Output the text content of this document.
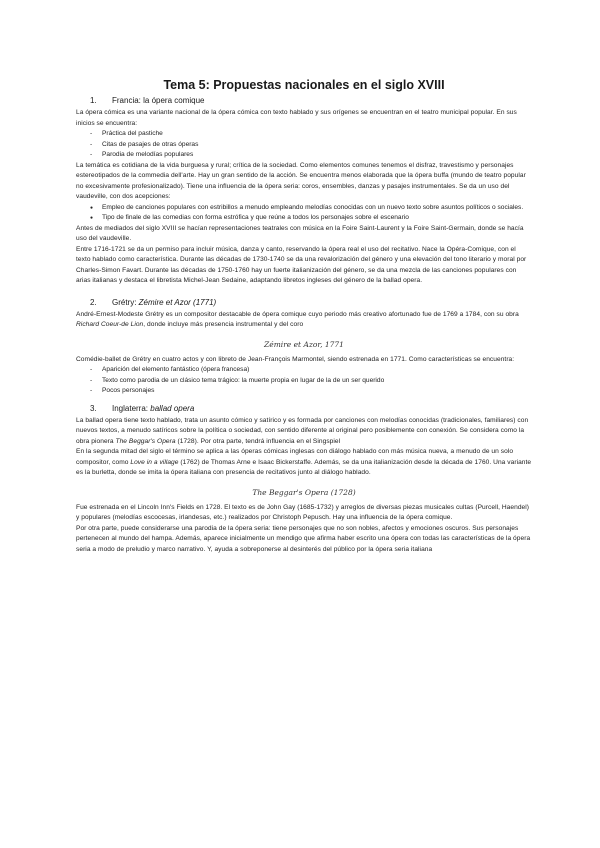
Tema 5: Propuestas nacionales en el siglo XVIII
1. Francia: la ópera comique

La ópera cómica es una variante nacional de la ópera cómica con texto hablado y sus orígenes se encuentran en el teatro municipal popular. En sus inicios se encuentra:

- Práctica del pastiche
- Citas de pasajes de otras óperas
- Parodia de melodías populares

La temática es cotidiana de la vida burguesa y rural; crítica de la sociedad. Como elementos comunes tenemos el disfraz, travestismo y personajes estereotipados de la commedia dell'arte. Hay un gran sentido de la acción. Se encuentra menos elaborada que la ópera buffa (mundo de teatro popular no excesivamente profesionalizado). Tiene una influencia de la ópera seria: coros, ensembles, danzas y pasajes instrumentales. Se da un uso del vaudeville, con dos acepciones:

● Empleo de canciones populares con estribillos a menudo empleando melodías conocidas con un nuevo texto sobre asuntos políticos o sociales.
● Tipo de finale de las comedias con forma estrófica y que reúne a todos los personajes sobre el escenario

Antes de mediados del siglo XVIII se hacían representaciones teatrales con música en la Foire Saint-Laurent y la Foire Saint-Germain, donde se hacía uso del vaudeville.

Entre 1716-1721 se da un permiso para incluir música, danza y canto, reservando la ópera real el uso del recitativo. Nace la Opéra-Comique, con el texto hablado como característica. Durante las décadas de 1730-1740 se da una revalorización del género y una elevación del tono literario y moral por Charles-Simon Favart. Durante las décadas de 1750-1760 hay un fuerte italianización del género, se da una mezcla de las canciones populares con arias italianas y destaca el libretista Michel-Jean Sedaine, adaptando libretos ingleses del género de la ballad opera.

2. Grétry: Zémire et Azor (1771)

André-Ernest-Modeste Grétry es un compositor destacable de ópera comique cuyo periodo más creativo afortunado fue de 1769 a 1784, con su obra Richard Coeur-de Lion, donde incluye más presencia instrumental y del coro

Zémire et Azor, 1771

Comédie-ballet de Grétry en cuatro actos y con libreto de Jean-François Marmontel, siendo estrenada en 1771. Como características se encuentra:

- Aparición del elemento fantástico (ópera francesa)
- Texto como parodia de un clásico tema trágico: la muerte propia en lugar de la de un ser querido
- Pocos personajes
3. Inglaterra: ballad opera

La ballad opera tiene texto hablado, trata un asunto cómico y satírico y es formada por canciones con melodías conocidas (tradicionales, familiares) con nuevos textos, a menudo satíricos sobre la política o sociedad, con sentido diferente al original pero posiblemente con conexión. Se considera como la obra pionera The Beggar's Opera (1728). Por otra parte, tendrá influencia en el Singspiel

En la segunda mitad del siglo el término se aplica a las óperas cómicas inglesas con diálogo hablado con más música nueva, a menudo de un solo compositor, como Love in a village (1762) de Thomas Arne e Isaac Bickerstaffe. Además, se da una italianización desde la década de 1760. Una variante es la burletta, donde se imita la ópera italiana con presencia de recitativos junto al diálogo hablado.

The Beggar's Opera (1728)

Fue estrenada en el Lincoln Inn's Fields en 1728. El texto es de John Gay (1685-1732) y arreglos de diversas piezas musicales cultas (Purcell, Haendel) y populares (melodías escocesas, irlandesas, etc.) realizados por Christoph Pepusch. Hay una influencia de la ópera comique.

Por otra parte, puede considerarse una parodia de la ópera seria: tiene personajes que no son nobles, afectos y emociones oscuros. Sus personajes pertenecen al mundo del hampa. Además, aparece inicialmente un mendigo que afirma haber escrito una ópera con todas las características de la ópera seria a modo de preludio y marco narrativo. Y, ayuda a sobreponerse al desinterés del público por la ópera seria italiana
